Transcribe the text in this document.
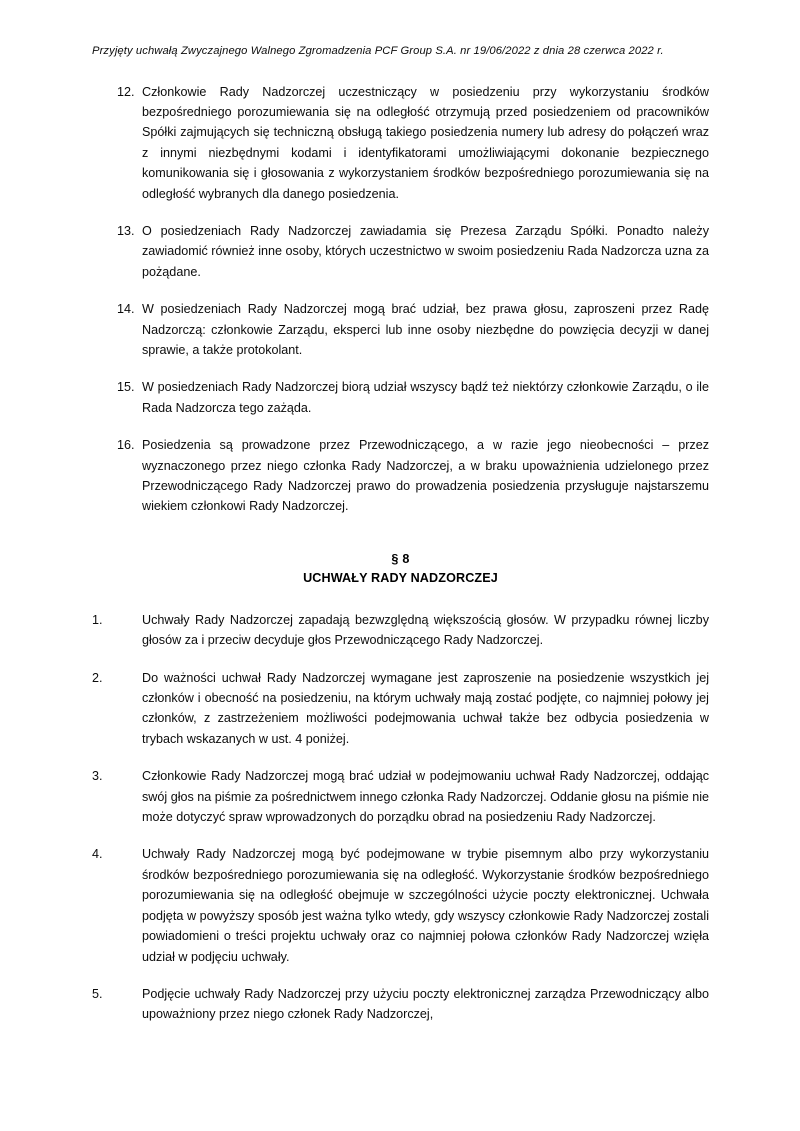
Przyjęty uchwałą Zwyczajnego Walnego Zgromadzenia PCF Group S.A. nr 19/06/2022 z dnia 28 czerwca 2022 r.

12. Członkowie Rady Nadzorczej uczestniczący w posiedzeniu przy wykorzystaniu środków bezpośredniego porozumiewania się na odległość otrzymują przed posiedzeniem od pracowników Spółki zajmujących się techniczną obsługą takiego posiedzenia numery lub adresy do połączeń wraz z innymi niezbędnymi kodami i identyfikatorami umożliwiającymi dokonanie bezpiecznego komunikowania się i głosowania z wykorzystaniem środków bezpośredniego porozumiewania się na odległość wybranych dla danego posiedzenia.
13. O posiedzeniach Rady Nadzorczej zawiadamia się Prezesa Zarządu Spółki. Ponadto należy zawiadomić również inne osoby, których uczestnictwo w swoim posiedzeniu Rada Nadzorcza uzna za pożądane.
14. W posiedzeniach Rady Nadzorczej mogą brać udział, bez prawa głosu, zaproszeni przez Radę Nadzorczą: członkowie Zarządu, eksperci lub inne osoby niezbędne do powzięcia decyzji w danej sprawie, a także protokolant.
15. W posiedzeniach Rady Nadzorczej biorą udział wszyscy bądź też niektórzy członkowie Zarządu, o ile Rada Nadzorcza tego zażąda.
16. Posiedzenia są prowadzone przez Przewodniczącego, a w razie jego nieobecności – przez wyznaczonego przez niego członka Rady Nadzorczej, a w braku upoważnienia udzielonego przez Przewodniczącego Rady Nadzorczej prawo do prowadzenia posiedzenia przysługuje najstarszemu wiekiem członkowi Rady Nadzorczej.
§ 8
UCHWAŁY RADY NADZORCZEJ
1.	Uchwały Rady Nadzorczej zapadają bezwzględną większością głosów. W przypadku równej liczby głosów za i przeciw decyduje głos Przewodniczącego Rady Nadzorczej.
2.	Do ważności uchwał Rady Nadzorczej wymagane jest zaproszenie na posiedzenie wszystkich jej członków i obecność na posiedzeniu, na którym uchwały mają zostać podjęte, co najmniej połowy jej członków, z zastrzeżeniem możliwości podejmowania uchwał także bez odbycia posiedzenia w trybach wskazanych w ust. 4 poniżej.
3.	Członkowie Rady Nadzorczej mogą brać udział w podejmowaniu uchwał Rady Nadzorczej, oddając swój głos na piśmie za pośrednictwem innego członka Rady Nadzorczej. Oddanie głosu na piśmie nie może dotyczyć spraw wprowadzonych do porządku obrad na posiedzeniu Rady Nadzorczej.
4.	Uchwały Rady Nadzorczej mogą być podejmowane w trybie pisemnym albo przy wykorzystaniu środków bezpośredniego porozumiewania się na odległość. Wykorzystanie środków bezpośredniego porozumiewania się na odległość obejmuje w szczególności użycie poczty elektronicznej. Uchwała podjęta w powyższy sposób jest ważna tylko wtedy, gdy wszyscy członkowie Rady Nadzorczej zostali powiadomieni o treści projektu uchwały oraz co najmniej połowa członków Rady Nadzorczej wzięła udział w podjęciu uchwały.
5.	Podjęcie uchwały Rady Nadzorczej przy użyciu poczty elektronicznej zarządza Przewodniczący albo upoważniony przez niego członek Rady Nadzorczej,
